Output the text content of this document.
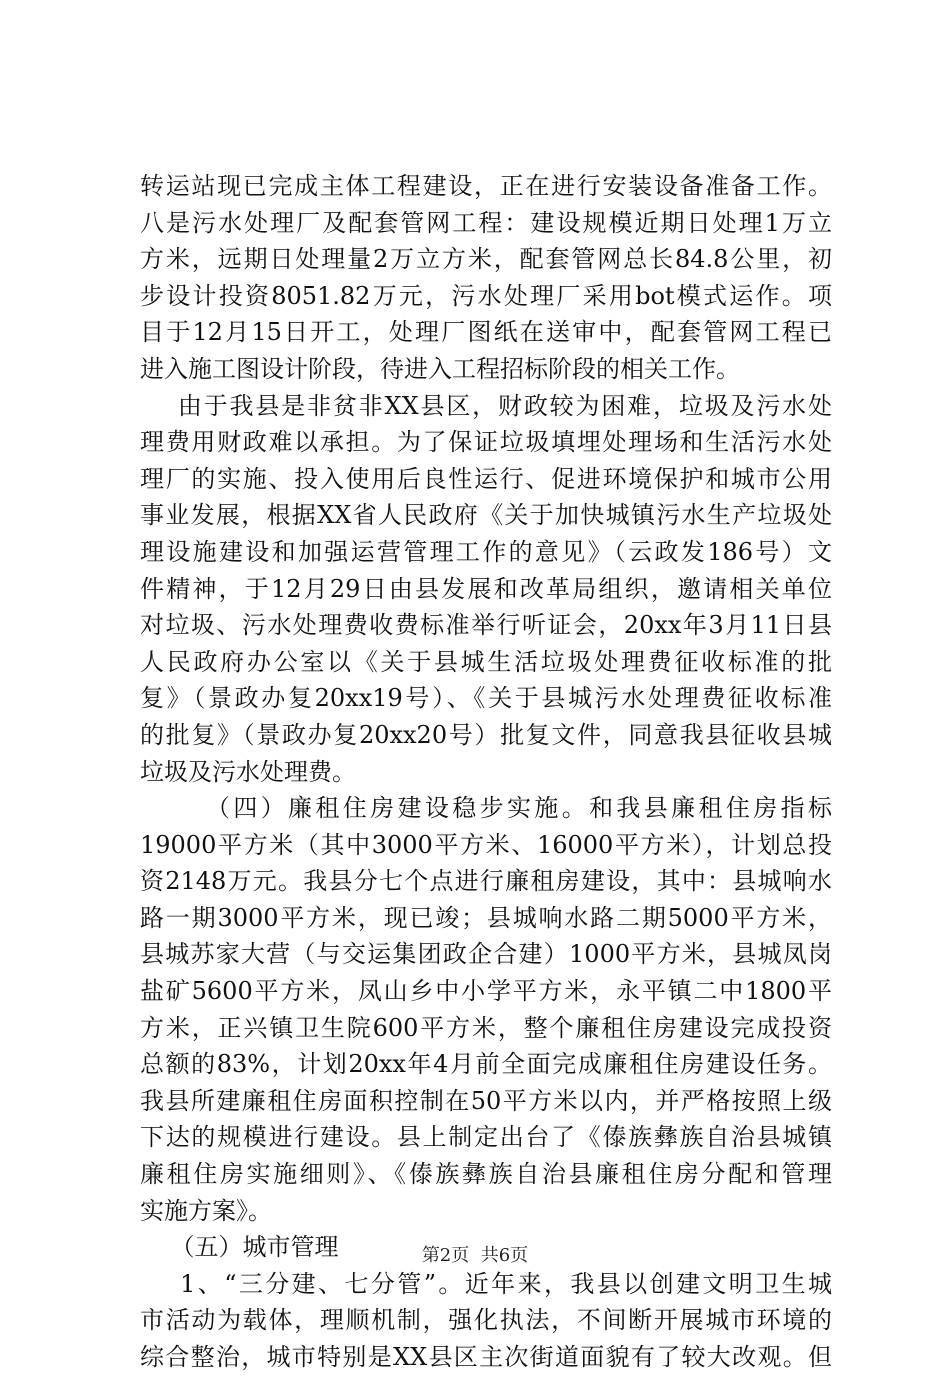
转运站现已完成主体工程建设，正在进行安装设备准备工作。
八是污水处理厂及配套管网工程：建设规模近期日处理1万立
方米，远期日处理量2万立方米，配套管网总长84.8公里，初
步设计投资8051.82万元，污水处理厂采用bot模式运作。项
目于12月15日开工，处理厂图纸在送审中，配套管网工程已
进入施工图设计阶段，待进入工程招标阶段的相关工作。
由于我县是非贫非XX县区，财政较为困难，垃圾及污水处
理费用财政难以承担。为了保证垃圾填埋处理场和生活污水处
理厂的实施、投入使用后良性运行、促进环境保护和城市公用
事业发展，根据XX省人民政府《关于加快城镇污水生产垃圾处
理设施建设和加强运营管理工作的意见》（云政发186号）文
件精神，于12月29日由县发展和改革局组织，邀请相关单位
对垃圾、污水处理费收费标准举行听证会，20xx年3月11日县
人民政府办公室以《关于县城生活垃圾处理费征收标准的批
复》（景政办复20xx19号）、《关于县城污水处理费征收标准
的批复》（景政办复20xx20号）批复文件，同意我县征收县城
垃圾及污水处理费。
（四）廉租住房建设稳步实施。和我县廉租住房指标
19000平方米（其中3000平方米、16000平方米），计划总投
资2148万元。我县分七个点进行廉租房建设，其中：县城响水
路一期3000平方米，现已竣；县城响水路二期5000平方米，
县城苏家大营（与交运集团政企合建）1000平方米，县城凤岗
盐矿5600平方米，凤山乡中小学平方米，永平镇二中1800平
方米，正兴镇卫生院600平方米，整个廉租住房建设完成投资
总额的83%，计划20xx年4月前全面完成廉租住房建设任务。
我县所建廉租住房面积控制在50平方米以内，并严格按照上级
下达的规模进行建设。县上制定出台了《傣族彝族自治县城镇
廉租住房实施细则》、《傣族彝族自治县廉租住房分配和管理
实施方案》。
（五）城市管理
1、“三分建、七分管”。近年来，我县以创建文明卫生城
市活动为载体，理顺机制，强化执法，不间断开展城市环境的
综合整治，城市特别是XX县区主次街道面貌有了较大改观。但
第2页  共6页
